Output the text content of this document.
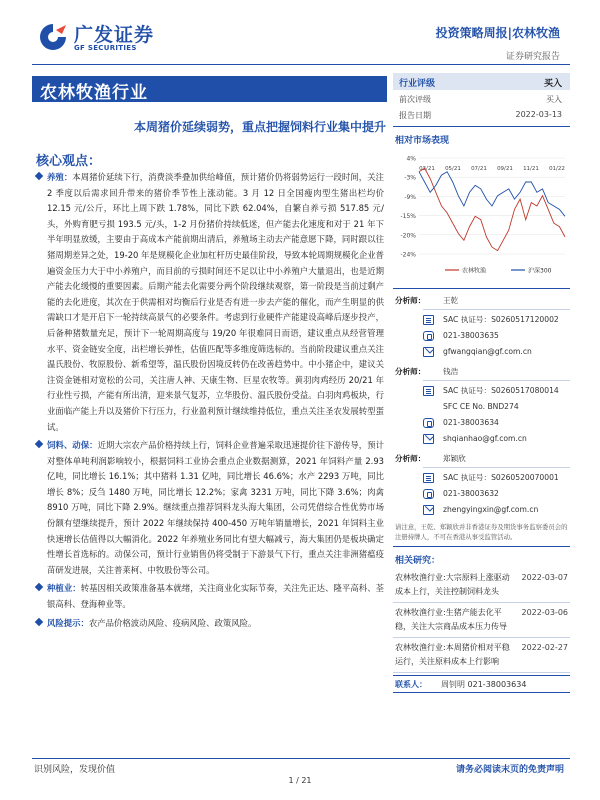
广发证券
GF SECURITIES
投资策略周报|农林牧渔
证券研究报告
农林牧渔行业
本周猪价延续弱势，重点把握饲料行业集中提升
核心观点：
养殖：本周猪价延续下行，消费淡季叠加供给峰值，预计猪价仍将弱势运行一段时间，关注 2 季度以后需求回升带来的猪价季节性上涨动能。3 月 12 日全国瘦肉型生猪出栏均价 12.15 元/公斤，环比上周下跌 1.78%，同比下跌 62.04%，自繁自养亏损 517.85 元/头，外购育肥亏损 193.5 元/头，1-2 月份猪价持续低迷，但产能去化速度和对于 21 年下半年明显放缓，主要由于高成本产能前期出清后，养殖场主动去产能意愿下降，同时跟以往猪周期差异之处，19-20 年是规模化企业加杠杆历史最佳阶段，导致本轮周期规模化企业普遍资金压力大于中小养殖户，而目前的亏损时间还不足以让中小养殖户大量退出，也是近期产能去化缓慢的重要因素。后期产能去化需要分两个阶段继续观察，第一阶段是当前过剩产能的去化进度，其次在于供需相对均衡后行业是否有进一步去产能的催化，而产生明显的供需缺口才是开启下一轮持续高景气的必要条件。考虑到行业硬件产能建设高峰后逐步投产，后备种猪数量充足，预计下一轮周期高度与 19/20 年很难同日而语，建议重点从经营管理水平、资金链安全度，出栏增长弹性，估值匹配等多维度筛选标的。当前阶段建议重点关注温氏股份、牧原股份、新希望等，温氏股份因境反转仍在改善趋势中。中小猪企中，建议关注资金链相对宽松的公司，关注唐人神、天康生物、巨星农牧等。黄羽肉鸡经历 20/21 年行业性亏损，产能有所出清，迎来景气复苏，立华股份、温氏股份受益。白羽肉鸡板块，行业面临产能上升以及猪价下行压力，行业盈利预计继续维持低位，重点关注圣农发展转型蛋试。
饲料、动保：近期大宗农产品价格持续上行，饲料企业普遍采取迅速提价往下游传导，预计对整体单吨利润影响较小，根据饲料工业协会重点企业数据测算，2021 年饲料产量 2.93 亿吨，同比增长 16.1%；其中猪料 1.31 亿吨，同比增长 46.6%；水产 2293 万吨，同比增长 8%；反刍 1480 万吨，同比增长 12.2%；家禽 3231 万吨，同比下降 3.6%；肉禽 8910 万吨，同比下降 2.9%。继续重点推荐饲料龙头海大集团，公司凭借综合性优势市场份额有望继续提升，预计 2022 年继续保持 400-450 万吨年销量增长，2021 年饲料主业快速增长估值得以大幅消化。2022 年养殖业务同比有望大幅减亏，海大集团仍是板块确定性增长首选标的。动保公司，预计行业销售仍将受制于下游景气下行，重点关注非洲猪瘟疫苗研发进展，关注普莱柯、中牧股份等公司。
种植业：转基因相关政策准备基本就绪，关注商业化实际节奏，关注先正达、隆平高科、荃银高科、登海种业等。
风险提示：农产品价格波动风险、疫病风险、政策风险。
行业评级	买入
前次评级	买入
报告日期	2022-03-13
相对市场表现
4%
-3%
-9%
-15%
-20%
-24%
03/21 05/21 07/21 09/21 11/21 01/22
农林牧渔	沪深300
分析师： 王乾
SAC 执证号：S0260517120002
021-38003635
gfwangqian@gf.com.cn
分析师： 钱浩
SAC 执证号：S0260517080014
SFC CE No. BND274
021-38003634
shqianhao@gf.com.cn
分析师： 郑颖欣
SAC 执证号：S0260520070001
021-38003632
zhengyingxin@gf.com.cn
请注意，王乾、郑颖欣并非香港证券及期货事务监察委员会的注册持牌人，不可在香港从事受监管活动。
相关研究：
农林牧渔行业:大宗原料上涨驱动成本上行，关注控制饲料龙头
2022-03-07
农林牧渔行业:生猪产能去化平稳，关注大宗商品成本压力传导
2022-03-06
农林牧渔行业:本周猪价相对平稳运行，关注原料成本上行影响
2022-02-27
联系人： 周钊明 021-38003634
识别风险，发现价值	请务必阅读末页的免责声明
1 / 21
